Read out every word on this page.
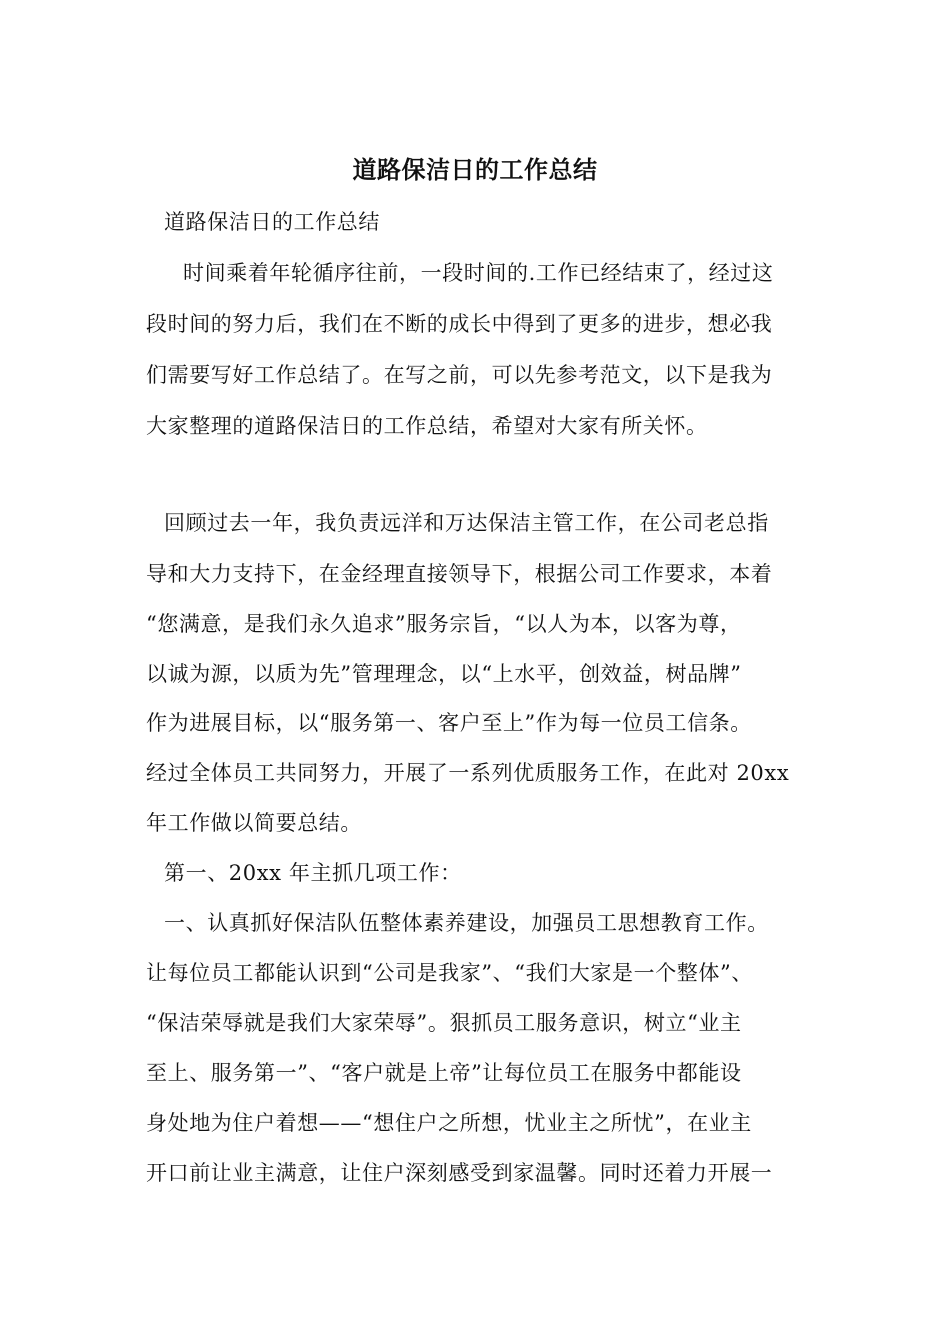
道路保洁日的工作总结
道路保洁日的工作总结
时间乘着年轮循序往前，一段时间的.工作已经结束了，经过这
段时间的努力后，我们在不断的成长中得到了更多的进步，想必我
们需要写好工作总结了。在写之前，可以先参考范文，以下是我为
大家整理的道路保洁日的工作总结，希望对大家有所关怀。
回顾过去一年，我负责远洋和万达保洁主管工作，在公司老总指
导和大力支持下，在金经理直接领导下，根据公司工作要求，本着
“您满意，是我们永久追求”服务宗旨，“以人为本，以客为尊，
以诚为源，以质为先”管理理念，以“上水平，创效益，树品牌”
作为进展目标，以“服务第一、客户至上”作为每一位员工信条。
经过全体员工共同努力，开展了一系列优质服务工作，在此对 20xx
年工作做以简要总结。
第一、20xx 年主抓几项工作：
一、认真抓好保洁队伍整体素养建设，加强员工思想教育工作。
让每位员工都能认识到“公司是我家”、“我们大家是一个整体”、
“保洁荣辱就是我们大家荣辱”。狠抓员工服务意识，树立“业主
至上、服务第一”、“客户就是上帝”让每位员工在服务中都能设
身处地为住户着想——“想住户之所想，忧业主之所忧”，在业主
开口前让业主满意，让住户深刻感受到家温馨。同时还着力开展一
